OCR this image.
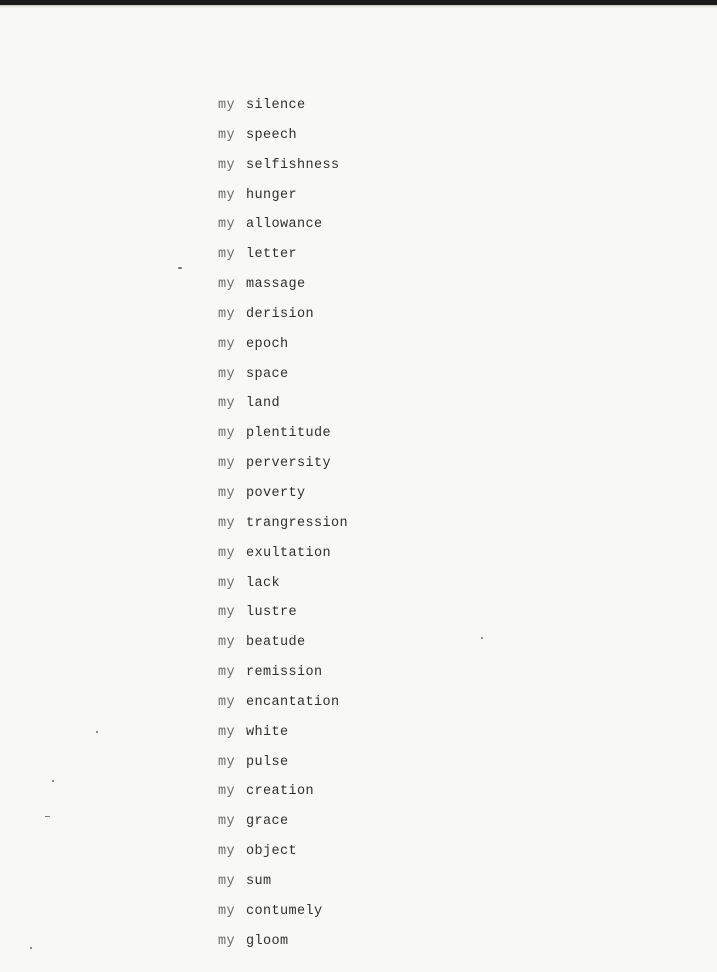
my silence
my speech
my selfishness
my hunger
my allowance
my letter
my massage
my derision
my epoch
my space
my land
my plentitude
my perversity
my poverty
my trangression
my exultation
my lack
my lustre
my beatude
my remission
my encantation
my white
my pulse
my creation
my grace
my object
my sum
my contumely
my gloom
